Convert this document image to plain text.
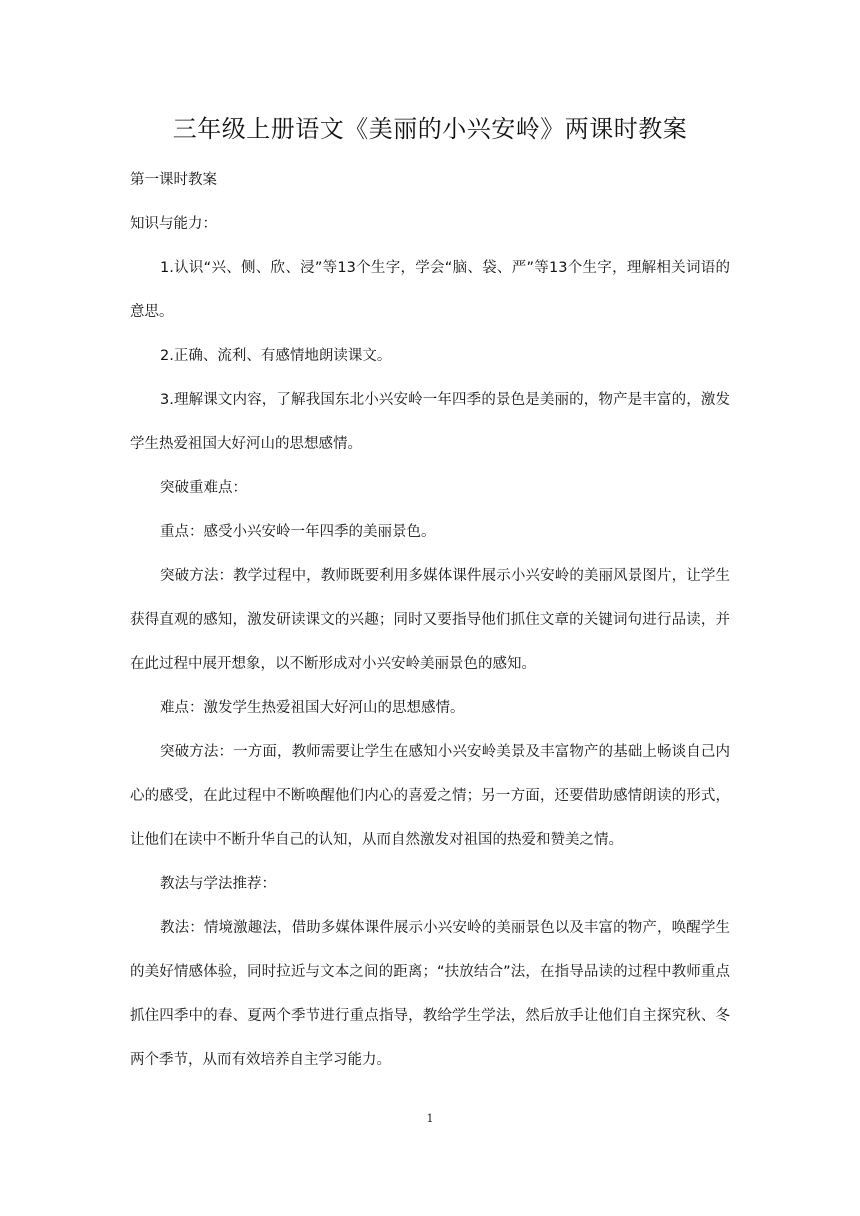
三年级上册语文《美丽的小兴安岭》两课时教案

第一课时教案

知识与能力：

1.认识“兴、侧、欣、浸”等13个生字，学会“脑、袋、严”等13个生字，理解相关词语的意思。

2.正确、流利、有感情地朗读课文。

3.理解课文内容，了解我国东北小兴安岭一年四季的景色是美丽的，物产是丰富的，激发学生热爱祖国大好河山的思想感情。

突破重难点：

重点：感受小兴安岭一年四季的美丽景色。

突破方法：教学过程中，教师既要利用多媒体课件展示小兴安岭的美丽风景图片，让学生获得直观的感知，激发研读课文的兴趣；同时又要指导他们抓住文章的关键词句进行品读，并在此过程中展开想象，以不断形成对小兴安岭美丽景色的感知。

难点：激发学生热爱祖国大好河山的思想感情。

突破方法：一方面，教师需要让学生在感知小兴安岭美景及丰富物产的基础上畅谈自己内心的感受，在此过程中不断唤醒他们内心的喜爱之情；另一方面，还要借助感情朗读的形式，让他们在读中不断升华自己的认知，从而自然激发对祖国的热爱和赞美之情。

教法与学法推荐：

教法：情境激趣法，借助多媒体课件展示小兴安岭的美丽景色以及丰富的物产，唤醒学生的美好情感体验，同时拉近与文本之间的距离；“扶放结合”法，在指导品读的过程中教师重点抓住四季中的春、夏两个季节进行重点指导，教给学生学法，然后放手让他们自主探究秋、冬两个季节，从而有效培养自主学习能力。

1
